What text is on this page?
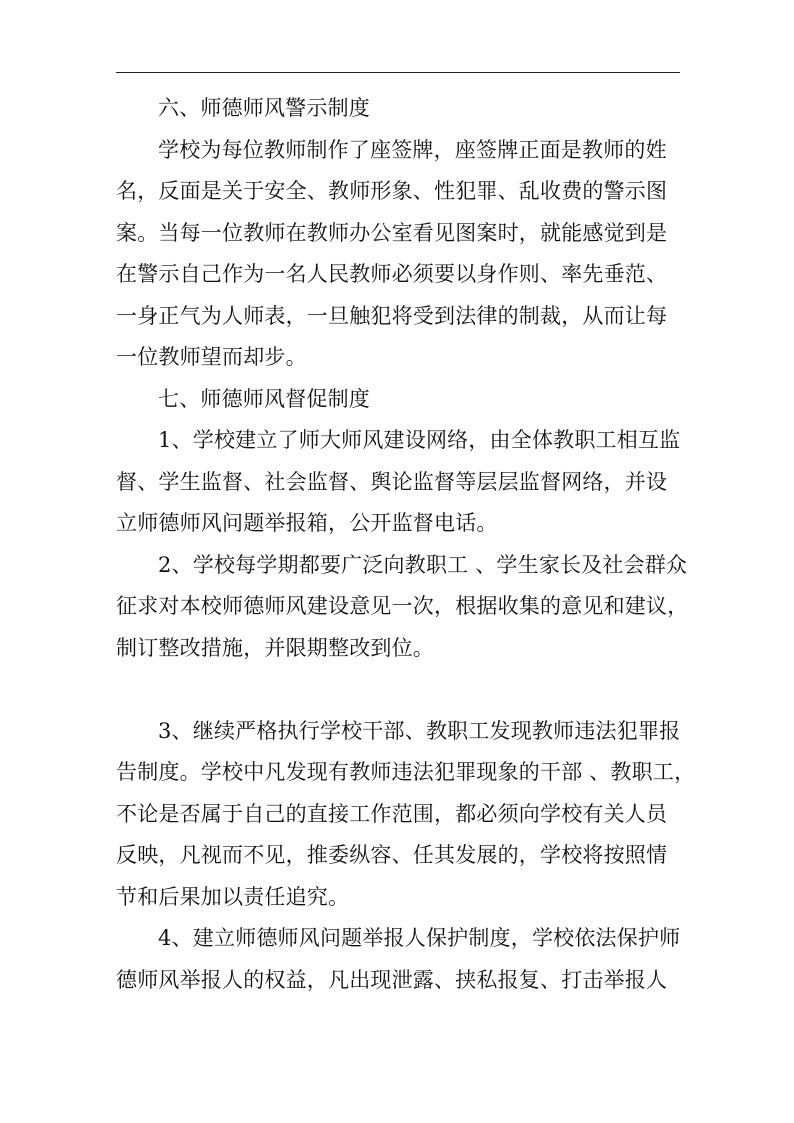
六、师德师风警示制度
学校为每位教师制作了座签牌，座签牌正面是教师的姓
名，反面是关于安全、教师形象、性犯罪、乱收费的警示图
案。当每一位教师在教师办公室看见图案时，就能感觉到是
在警示自己作为一名人民教师必须要以身作则、率先垂范、
一身正气为人师表，一旦触犯将受到法律的制裁，从而让每
一位教师望而却步。
七、师德师风督促制度
1、学校建立了师大师风建设网络，由全体教职工相互监
督、学生监督、社会监督、舆论监督等层层监督网络，并设
立师德师风问题举报箱，公开监督电话。
2、学校每学期都要广泛向教职工 、学生家长及社会群众
征求对本校师德师风建设意见一次，根据收集的意见和建议，
制订整改措施，并限期整改到位。
3、继续严格执行学校干部、教职工发现教师违法犯罪报
告制度。学校中凡发现有教师违法犯罪现象的干部 、教职工，
不论是否属于自己的直接工作范围，都必须向学校有关人员
反映，凡视而不见，推委纵容、任其发展的，学校将按照情
节和后果加以责任追究。
4、建立师德师风问题举报人保护制度，学校依法保护师
德师风举报人的权益，凡出现泄露、挟私报复、打击举报人
